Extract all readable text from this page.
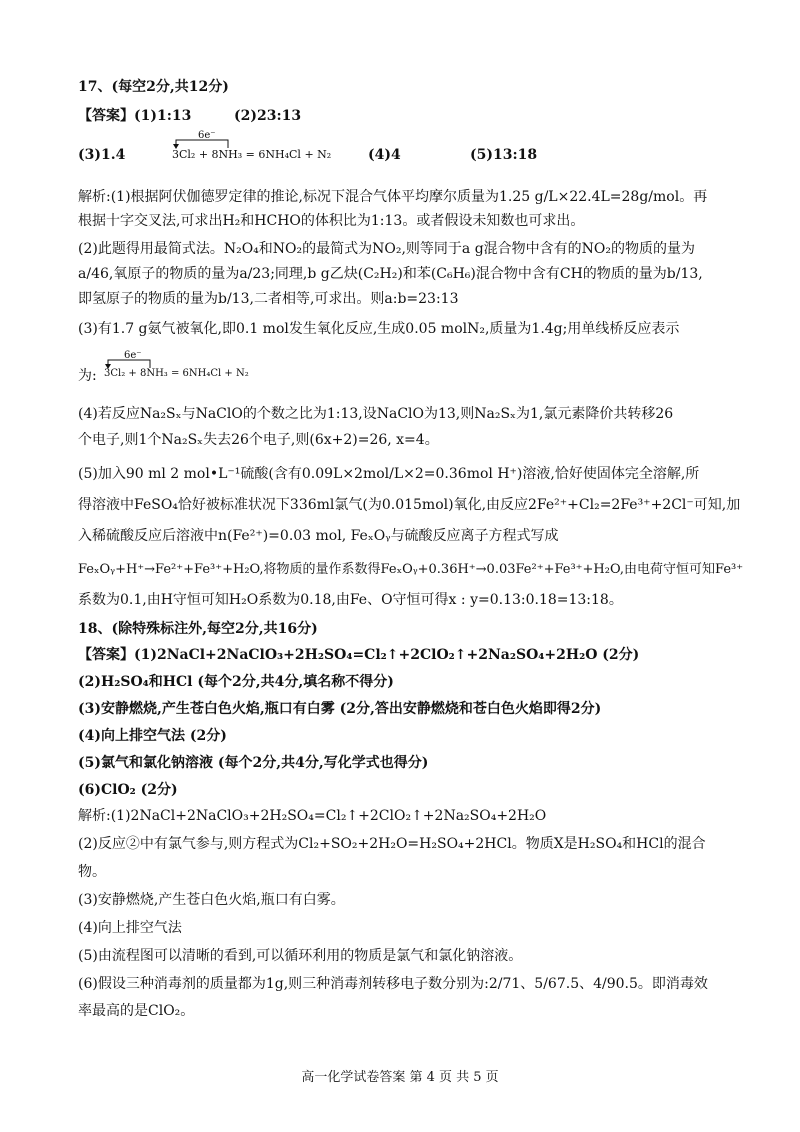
17、(每空2分,共12分)
【答案】(1)1:13	(2)23:13
(3)1.4
6e⁻
3Cl₂ + 8NH₃ = 6NH₄Cl + N₂	(4)4	(5)13:18
解析:(1)根据阿伏伽德罗定律的推论,标况下混合气体平均摩尔质量为1.25 g/L×22.4L=28g/mol。再
根据十字交叉法,可求出H₂和HCHO的体积比为1:13。或者假设未知数也可求出。
(2)此题得用最简式法。N₂O₄和NO₂的最简式为NO₂,则等同于a g混合物中含有的NO₂的物质的量为
a/46,氧原子的物质的量为a/23;同理,b g乙炔(C₂H₂)和苯(C₆H₆)混合物中含有CH的物质的量为b/13,
即氢原子的物质的量为b/13,二者相等,可求出。则a:b=23:13
(3)有1.7 g氨气被氧化,即0.1 mol发生氧化反应,生成0.05 molN₂,质量为1.4g;用单线桥反应表示
为:
6e⁻
3Cl₂ + 8NH₃ = 6NH₄Cl + N₂
(4)若反应Na₂Sₓ与NaClO的个数之比为1:13,设NaClO为13,则Na₂Sₓ为1,氯元素降价共转移26
个电子,则1个Na₂Sₓ失去26个电子,则(6x+2)=26, x=4。
(5)加入90 ml 2 mol•L⁻¹硫酸(含有0.09L×2mol/L×2=0.36mol H⁺)溶液,恰好使固体完全溶解,所
得溶液中FeSO₄恰好被标准状况下336ml氯气(为0.015mol)氧化,由反应2Fe²⁺+Cl₂=2Fe³⁺+2Cl⁻可知,加
入稀硫酸反应后溶液中n(Fe²⁺)=0.03 mol, FeₓOᵧ与硫酸反应离子方程式写成
FeₓOᵧ+H⁺→Fe²⁺+Fe³⁺+H₂O,将物质的量作系数得FeₓOᵧ+0.36H⁺→0.03Fe²⁺+Fe³⁺+H₂O,由电荷守恒可知Fe³⁺
系数为0.1,由H守恒可知H₂O系数为0.18,由Fe、O守恒可得x : y=0.13:0.18=13:18。
18、(除特殊标注外,每空2分,共16分)
【答案】(1)2NaCl+2NaClO₃+2H₂SO₄=Cl₂↑+2ClO₂↑+2Na₂SO₄+2H₂O (2分)
(2)H₂SO₄和HCl (每个2分,共4分,填名称不得分)
(3)安静燃烧,产生苍白色火焰,瓶口有白雾 (2分,答出安静燃烧和苍白色火焰即得2分)
(4)向上排空气法 (2分)
(5)氯气和氯化钠溶液 (每个2分,共4分,写化学式也得分)
(6)ClO₂ (2分)
解析:(1)2NaCl+2NaClO₃+2H₂SO₄=Cl₂↑+2ClO₂↑+2Na₂SO₄+2H₂O
(2)反应②中有氯气参与,则方程式为Cl₂+SO₂+2H₂O=H₂SO₄+2HCl。物质X是H₂SO₄和HCl的混合
物。
(3)安静燃烧,产生苍白色火焰,瓶口有白雾。
(4)向上排空气法
(5)由流程图可以清晰的看到,可以循环利用的物质是氯气和氯化钠溶液。
(6)假设三种消毒剂的质量都为1g,则三种消毒剂转移电子数分别为:2/71、5/67.5、4/90.5。即消毒效
率最高的是ClO₂。
高一化学试卷答案 第 4 页 共 5 页
